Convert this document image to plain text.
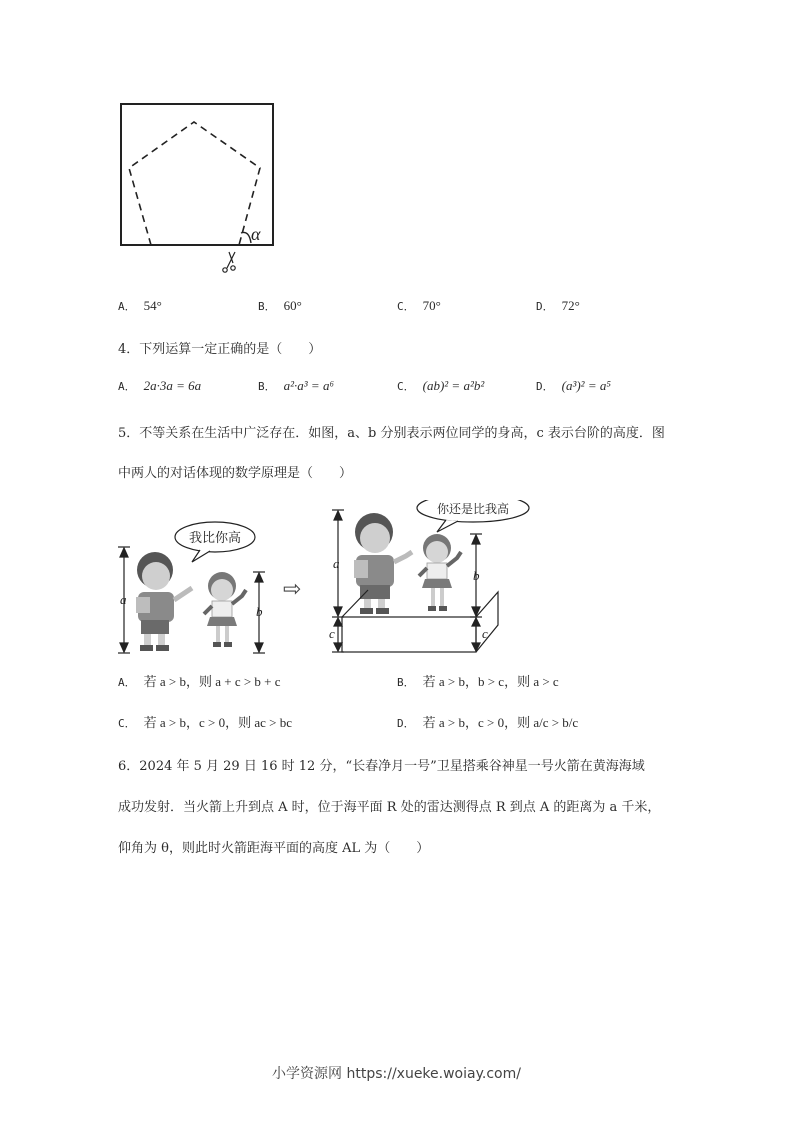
α
A． 54°	B． 60°	C． 70°	D． 72°
4．下列运算一定正确的是（　　）
A． 2a·3a = 6a	B． a²·a³ = a⁶	C． (ab)² = a²b²	D． (a³)² = a⁵
5．不等关系在生活中广泛存在．如图，a、b 分别表示两位同学的身高，c 表示台阶的高度．图
中两人的对话体现的数学原理是（　　）
我比你高
a
b
⇨
你还是比我高
a
b
c	c
A． 若 a > b，则 a + c > b + c	B． 若 a > b，b > c，则 a > c
C． 若 a > b，c > 0，则 ac > bc	D． 若 a > b，c > 0，则 a/c > b/c
6．2024 年 5 月 29 日 16 时 12 分，“长春净月一号”卫星搭乘谷神星一号火箭在黄海海域
成功发射．当火箭上升到点 A 时，位于海平面 R 处的雷达测得点 R 到点 A 的距离为 a 千米，
仰角为 θ，则此时火箭距海平面的高度 AL 为（　　）
小学资源网 https://xueke.woiay.com/
